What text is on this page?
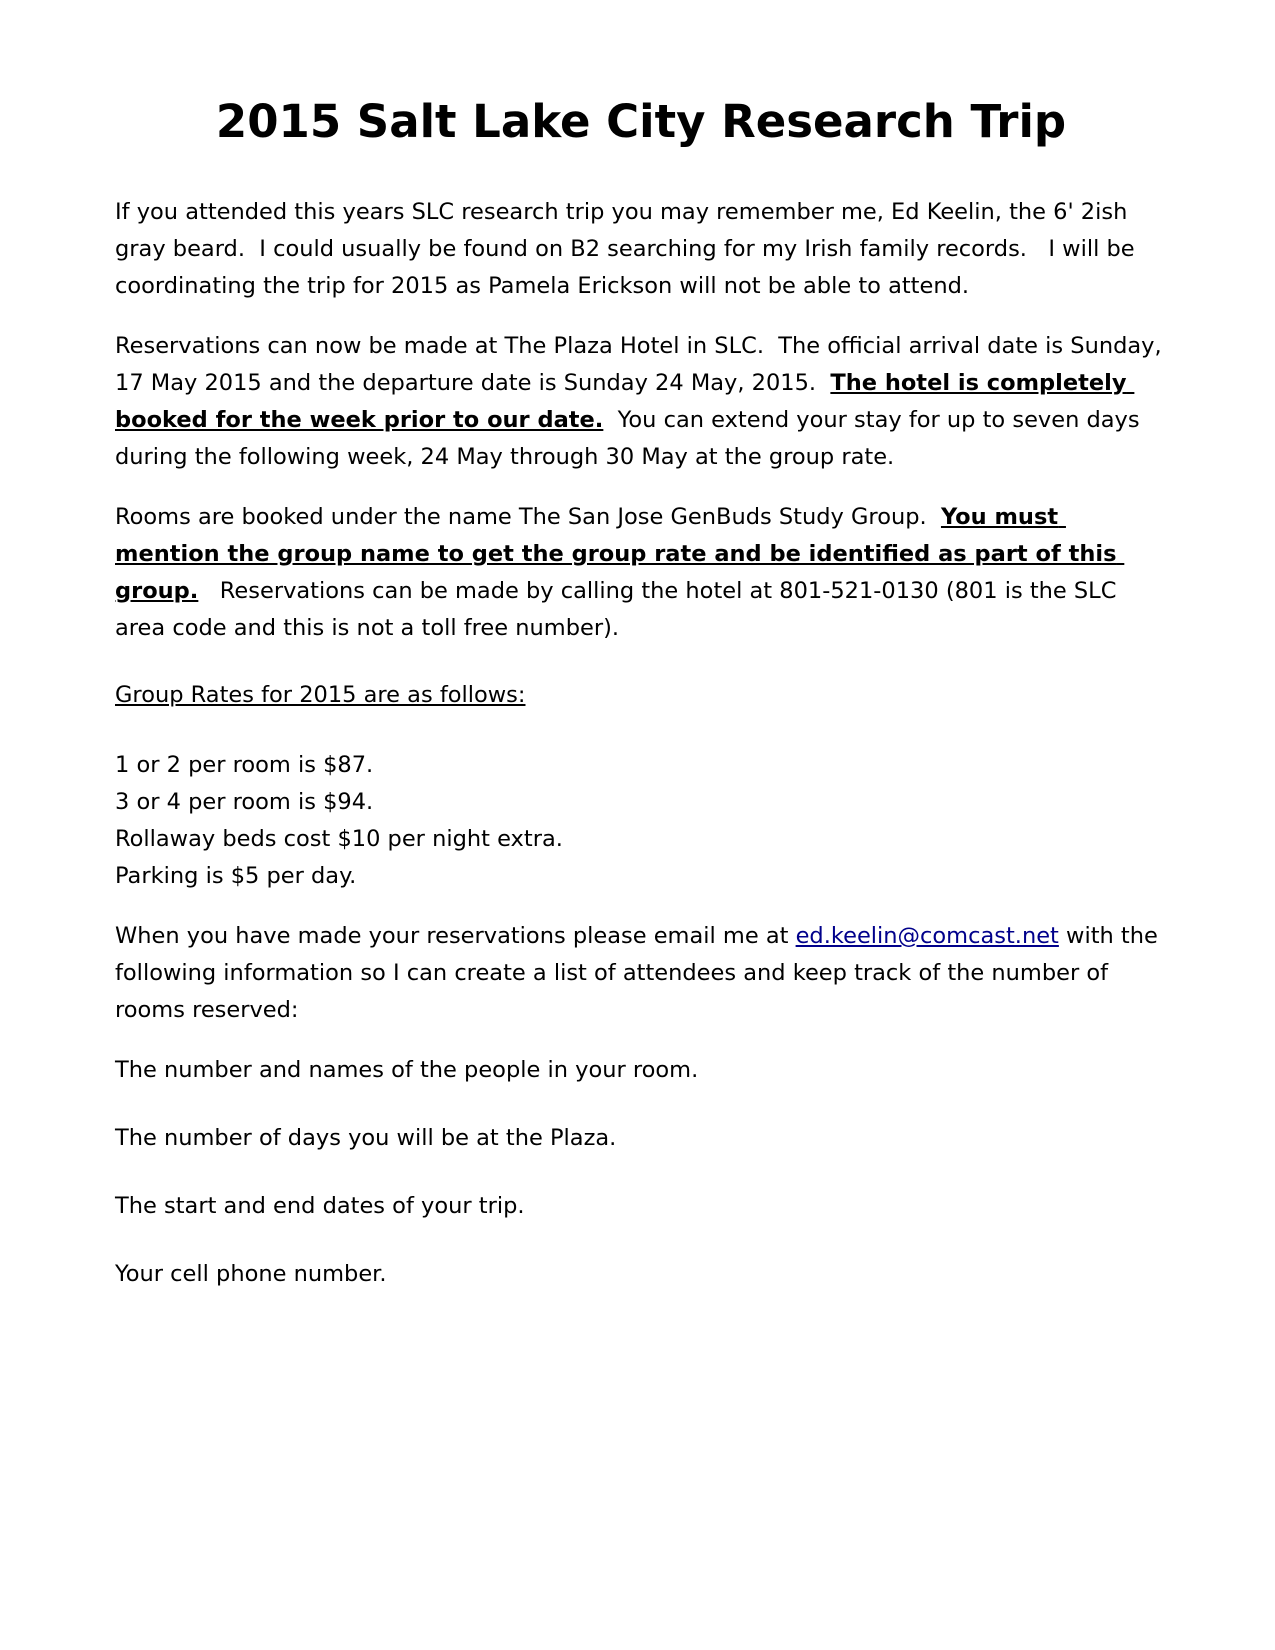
2015 Salt Lake City Research Trip

If you attended this years SLC research trip you may remember me, Ed Keelin, the 6' 2ish gray beard.  I could usually be found on B2 searching for my Irish family records.   I will be coordinating the trip for 2015 as Pamela Erickson will not be able to attend.

Reservations can now be made at The Plaza Hotel in SLC.  The official arrival date is Sunday, 17 May 2015 and the departure date is Sunday 24 May, 2015.  The hotel is completely booked for the week prior to our date.  You can extend your stay for up to seven days during the following week, 24 May through 30 May at the group rate.

Rooms are booked under the name The San Jose GenBuds Study Group.  You must mention the group name to get the group rate and be identified as part of this group.   Reservations can be made by calling the hotel at 801-521-0130 (801 is the SLC area code and this is not a toll free number).

Group Rates for 2015 are as follows:

1 or 2 per room is $87.
3 or 4 per room is $94.
Rollaway beds cost $10 per night extra.
Parking is $5 per day.

When you have made your reservations please email me at ed.keelin@comcast.net with the following information so I can create a list of attendees and keep track of the number of rooms reserved:

The number and names of the people in your room.
The number of days you will be at the Plaza.
The start and end dates of your trip.
Your cell phone number.
